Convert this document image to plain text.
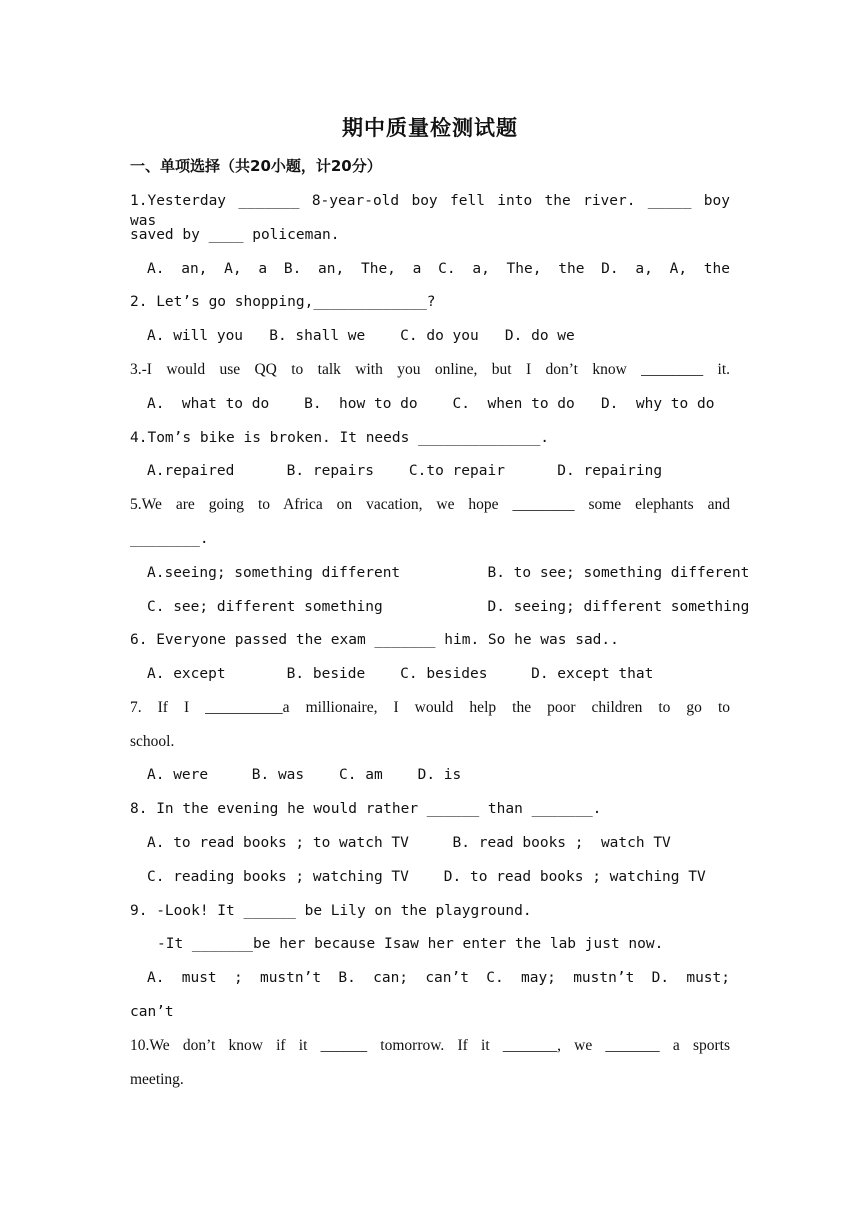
期中质量检测试题
一、单项选择（共20小题，计20分）
1.Yesterday _______ 8-year-old boy fell into the river. _____ boy was
saved by ____ policeman.
A. an, A, a B. an, The, a C. a, The, the D. a, A, the
2. Let’s go shopping,_____________?
A. will you   B. shall we    C. do you   D. do we
3.-I would use QQ to talk with you online, but I don’t know ________ it.
A.  what to do    B.  how to do    C.  when to do   D.  why to do
4.Tom’s bike is broken. It needs ______________.
A.repaired      B. repairs    C.to repair      D. repairing
5.We are going to Africa on vacation, we hope ________ some elephants and
________.
A.seeing; something different          B. to see; something different
C. see; different something            D. seeing; different something
6. Everyone passed the exam _______ him. So he was sad..
A. except       B. beside    C. besides     D. except that
7. If I __________a millionaire, I would help the poor children to go to
school.
A. were     B. was    C. am    D. is
8. In the evening he would rather ______ than _______.
A. to read books ; to watch TV     B. read books ;  watch TV
C. reading books ; watching TV    D. to read books ; watching TV
9. -Look! It ______ be Lily on the playground.
-It _______be her because Isaw her enter the lab just now.
A. must ; mustn’t B. can; can’t C. may; mustn’t D. must;
can’t
10.We don’t know if it ______ tomorrow. If it _______, we _______ a sports
meeting.
